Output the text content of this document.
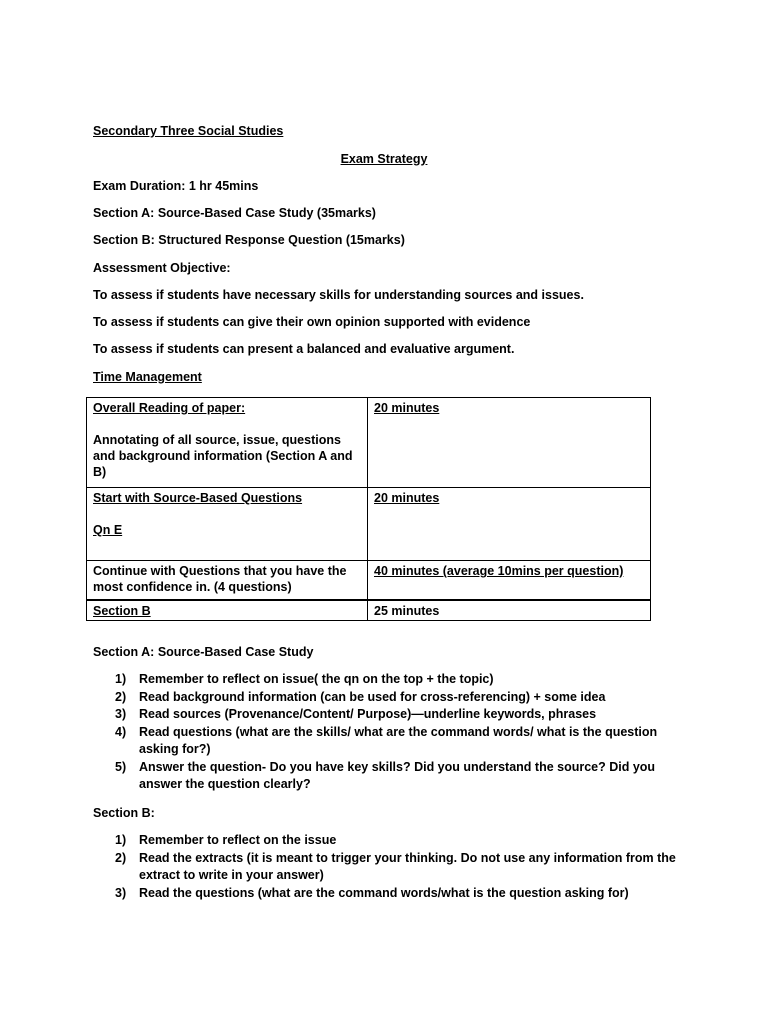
Secondary Three Social Studies
Exam Strategy
Exam Duration: 1 hr 45mins
Section A: Source-Based Case Study (35marks)
Section B: Structured Response Question (15marks)
Assessment Objective:
To assess if students have necessary skills for understanding sources and issues.
To assess if students can give their own opinion supported with evidence
To assess if students can present a balanced and evaluative argument.
Time Management
Overall Reading of paper:
Annotating of all source, issue, questions and background information (Section A and B)	20 minutes

Start with Source-Based Questions
Qn E	20 minutes

Continue with Questions that you have the most confidence in. (4 questions)	40 minutes (average 10mins per question)

Section B	25 minutes
Section A: Source-Based Case Study
1) Remember to reflect on issue( the qn on the top + the topic)
2) Read background information (can be used for cross-referencing) + some idea
3) Read sources (Provenance/Content/ Purpose)—underline keywords, phrases
4) Read questions (what are the skills/ what are the command words/ what is the question asking for?)
5) Answer the question- Do you have key skills? Did you understand the source? Did you answer the question clearly?
Section B:
1) Remember to reflect on the issue
2) Read the extracts (it is meant to trigger your thinking. Do not use any information from the extract to write in your answer)
3) Read the questions (what are the command words/what is the question asking for)
